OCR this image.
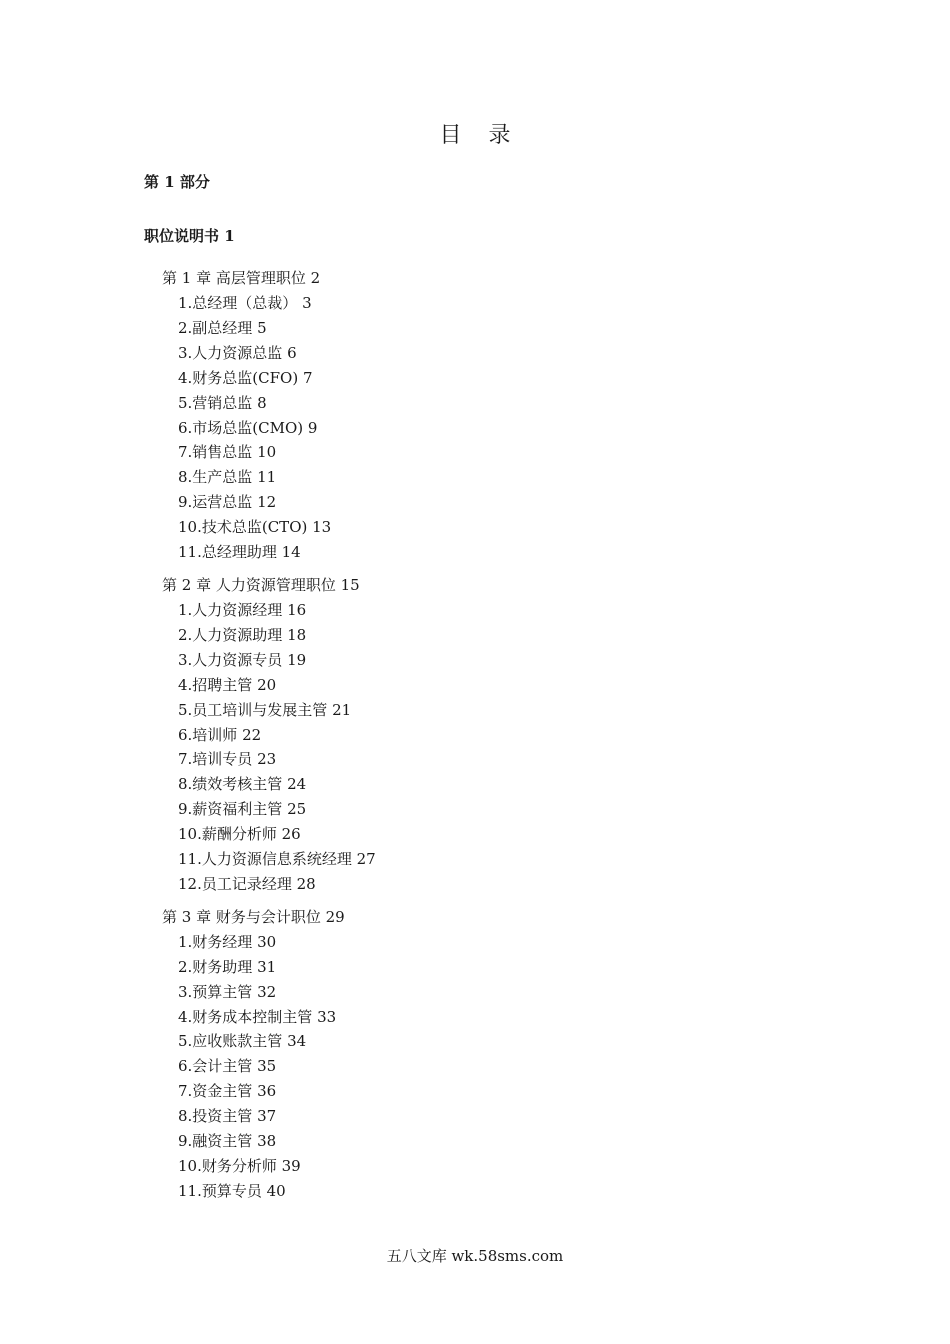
目 录
第 1 部分
职位说明书 1
第 1 章 高层管理职位 2
1.总经理（总裁） 3
2.副总经理 5
3.人力资源总监 6
4.财务总监(CFO) 7
5.营销总监 8
6.市场总监(CMO) 9
7.销售总监 10
8.生产总监 11
9.运营总监 12
10.技术总监(CTO) 13
11.总经理助理 14
第 2 章 人力资源管理职位 15
1.人力资源经理 16
2.人力资源助理 18
3.人力资源专员 19
4.招聘主管 20
5.员工培训与发展主管 21
6.培训师 22
7.培训专员 23
8.绩效考核主管 24
9.薪资福利主管 25
10.薪酬分析师 26
11.人力资源信息系统经理 27
12.员工记录经理 28
第 3 章 财务与会计职位 29
1.财务经理 30
2.财务助理 31
3.预算主管 32
4.财务成本控制主管 33
5.应收账款主管 34
6.会计主管 35
7.资金主管 36
8.投资主管 37
9.融资主管 38
10.财务分析师 39
11.预算专员 40
五八文库 wk.58sms.com
